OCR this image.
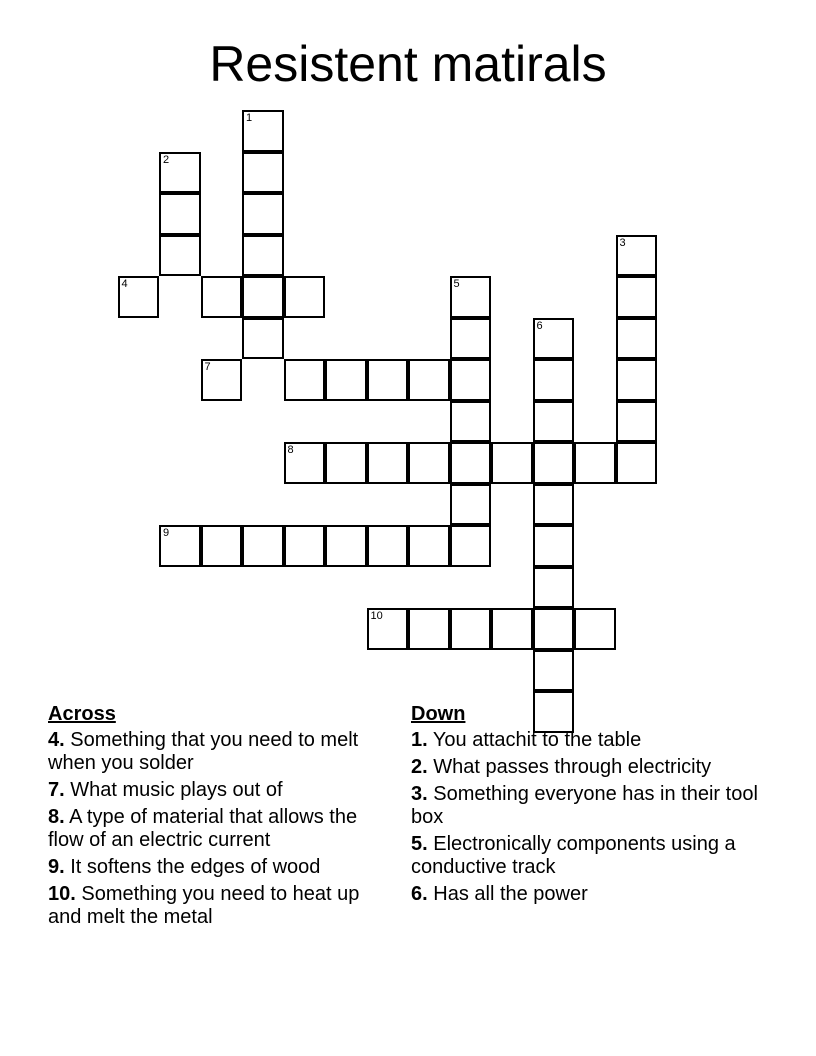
Resistent matirals
1
2
4
3
5
6
7
8
9
10
Across
4. Something that you need to melt when you solder
7. What music plays out of
8. A type of material that allows the flow of an electric current
9. It softens the edges of wood
10. Something you need to heat up and melt the metal
Down
1. You attachit to the table
2. What passes through electricity
3. Something everyone has in their tool box
5. Electronically components using a conductive track
6. Has all the power
